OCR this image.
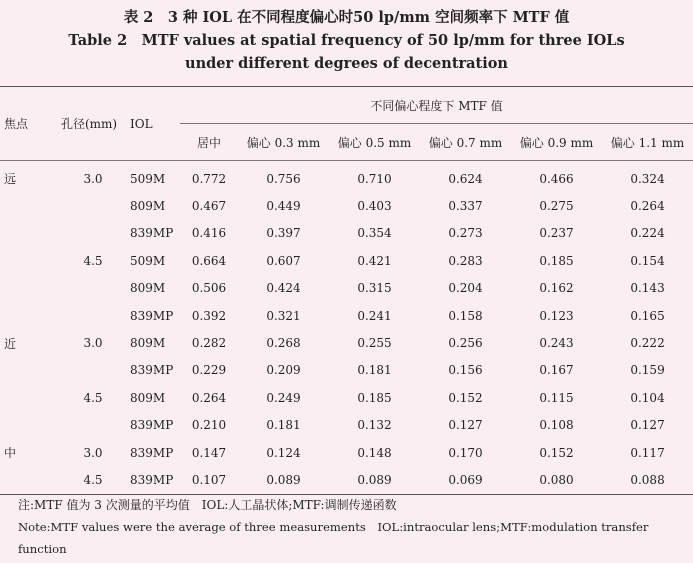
表 2　3 种 IOL 在不同程度偏心时50 lp/mm 空间频率下 MTF 值
Table 2　MTF values at spatial frequency of 50 lp/mm for three IOLs
under different degrees of decentration
焦点	孔径(mm)	IOL	不同偏心程度下 MTF 值					
			居中	偏心 0.3 mm	偏心 0.5 mm	偏心 0.7 mm	偏心 0.9 mm	偏心 1.1 mm

远	3.0	509M	0.772	0.756	0.710	0.624	0.466	0.324
		809M	0.467	0.449	0.403	0.337	0.275	0.264
		839MP	0.416	0.397	0.354	0.273	0.237	0.224
	4.5	509M	0.664	0.607	0.421	0.283	0.185	0.154
		809M	0.506	0.424	0.315	0.204	0.162	0.143
		839MP	0.392	0.321	0.241	0.158	0.123	0.165
近	3.0	809M	0.282	0.268	0.255	0.256	0.243	0.222
		839MP	0.229	0.209	0.181	0.156	0.167	0.159
	4.5	809M	0.264	0.249	0.185	0.152	0.115	0.104
		839MP	0.210	0.181	0.132	0.127	0.108	0.127
中	3.0	839MP	0.147	0.124	0.148	0.170	0.152	0.117
	4.5	839MP	0.107	0.089	0.089	0.069	0.080	0.088
注:MTF 值为 3 次测量的平均值　IOL:人工晶状体;MTF:调制传递函数
Note:MTF values were the average of three measurements　IOL:intraocular lens;MTF:modulation transfer function
